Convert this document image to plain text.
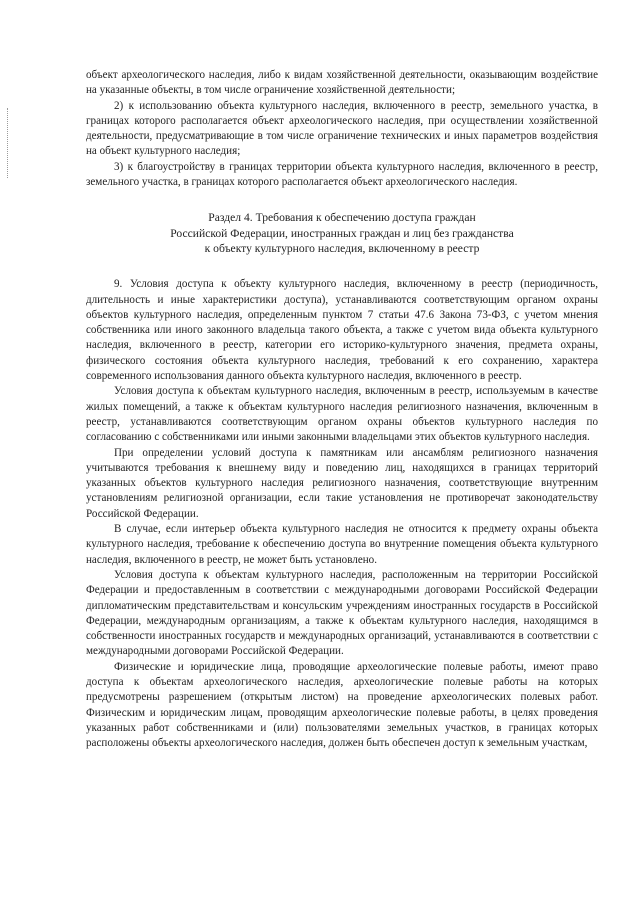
объект археологического наследия, либо к видам хозяйственной деятельности, оказывающим воздействие на указанные объекты, в том числе ограничение хозяйственной деятельности;

2) к использованию объекта культурного наследия, включенного в реестр, земельного участка, в границах которого располагается объект археологического наследия, при осуществлении хозяйственной деятельности, предусматривающие в том числе ограничение технических и иных параметров воздействия на объект культурного наследия;

3) к благоустройству в границах территории объекта культурного наследия, включенного в реестр, земельного участка, в границах которого располагается объект археологического наследия.

Раздел 4. Требования к обеспечению доступа граждан
Российской Федерации, иностранных граждан и лиц без гражданства
к объекту культурного наследия, включенному в реестр

9. Условия доступа к объекту культурного наследия, включенному в реестр (периодичность, длительность и иные характеристики доступа), устанавливаются соответствующим органом охраны объектов культурного наследия, определенным пунктом 7 статьи 47.6 Закона 73-ФЗ, с учетом мнения собственника или иного законного владельца такого объекта, а также с учетом вида объекта культурного наследия, включенного в реестр, категории его историко-культурного значения, предмета охраны, физического состояния объекта культурного наследия, требований к его сохранению, характера современного использования данного объекта культурного наследия, включенного в реестр.

Условия доступа к объектам культурного наследия, включенным в реестр, используемым в качестве жилых помещений, а также к объектам культурного наследия религиозного назначения, включенным в реестр, устанавливаются соответствующим органом охраны объектов культурного наследия по согласованию с собственниками или иными законными владельцами этих объектов культурного наследия.

При определении условий доступа к памятникам или ансамблям религиозного назначения учитываются требования к внешнему виду и поведению лиц, находящихся в границах территорий указанных объектов культурного наследия религиозного назначения, соответствующие внутренним установлениям религиозной организации, если такие установления не противоречат законодательству Российской Федерации.

В случае, если интерьер объекта культурного наследия не относится к предмету охраны объекта культурного наследия, требование к обеспечению доступа во внутренние помещения объекта культурного наследия, включенного в реестр, не может быть установлено.

Условия доступа к объектам культурного наследия, расположенным на территории Российской Федерации и предоставленным в соответствии с международными договорами Российской Федерации дипломатическим представительствам и консульским учреждениям иностранных государств в Российской Федерации, международным организациям, а также к объектам культурного наследия, находящимся в собственности иностранных государств и международных организаций, устанавливаются в соответствии с международными договорами Российской Федерации.

Физические и юридические лица, проводящие археологические полевые работы, имеют право доступа к объектам археологического наследия, археологические полевые работы на которых предусмотрены разрешением (открытым листом) на проведение археологических полевых работ. Физическим и юридическим лицам, проводящим археологические полевые работы, в целях проведения указанных работ собственниками и (или) пользователями земельных участков, в границах которых расположены объекты археологического наследия, должен быть обеспечен доступ к земельным участкам,
